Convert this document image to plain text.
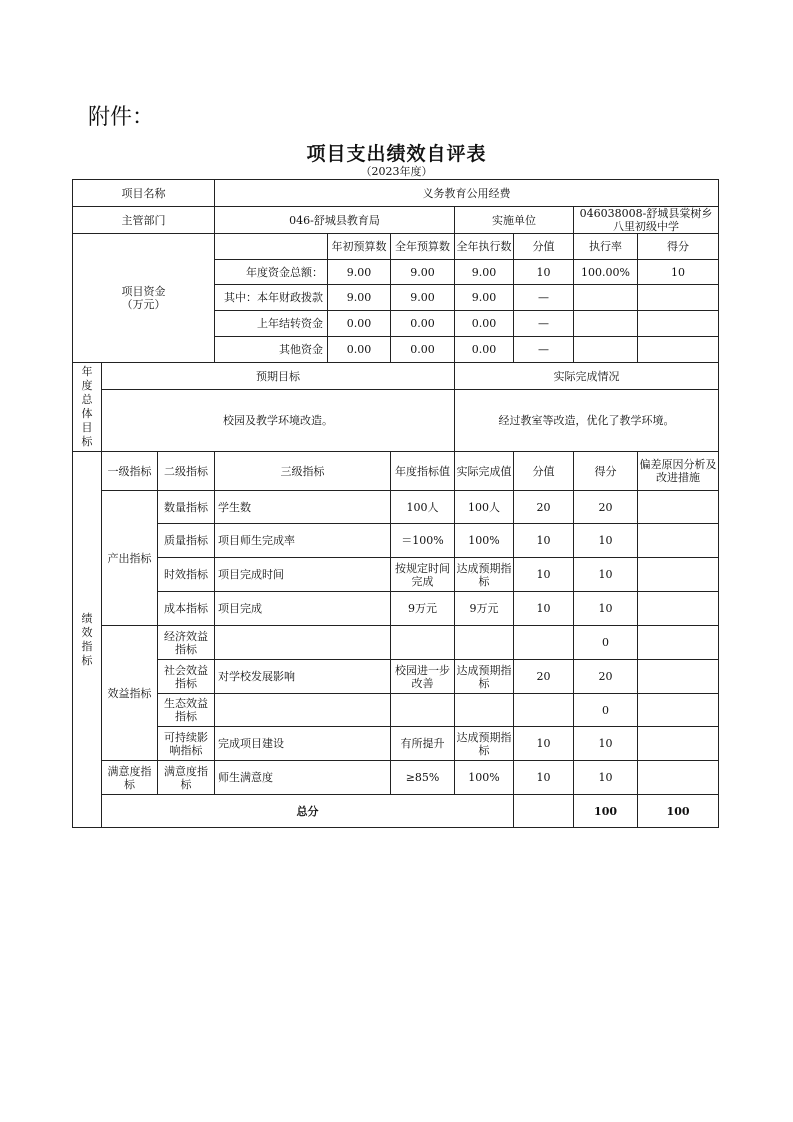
附件：
项目支出绩效自评表
（2023年度）
项目名称			义务教育公用经费							
主管部门			046-舒城县教育局			实施单位		046038008-舒城县棠树乡八里初级中学		
项目资金
（万元）				年初预算数	全年预算数	全年执行数	分值	执行率	得分	
			年度资金总额：	9.00	9.00	9.00	10	100.00%	10	
			其中：本年财政拨款	9.00	9.00	9.00	—			
			上年结转资金	0.00	0.00	0.00	—			
			其他资金	0.00	0.00	0.00	—			
年度总体目标	预期目标					实际完成情况				
	校园及教学环境改造。					经过教室等改造，优化了教学环境。				
绩效指标	一级指标	二级指标	三级指标		年度指标值	实际完成值	分值	得分	偏差原因分析及改进措施	
	产出指标	数量指标	学生数		100人	100人	20	20		
		质量指标	项目师生完成率		＝100%	100%	10	10		
		时效指标	项目完成时间		按规定时间完成	达成预期指标	10	10		
		成本指标	项目完成		9万元	9万元	10	10		
	效益指标	经济效益指标						0		
		社会效益指标	对学校发展影响		校园进一步改善	达成预期指标	20	20		
		生态效益指标						0		
		可持续影响指标	完成项目建设		有所提升	达成预期指标	10	10		
	满意度指标	满意度指标	师生满意度		≥85%	100%	10	10		
	总分							100	100	
